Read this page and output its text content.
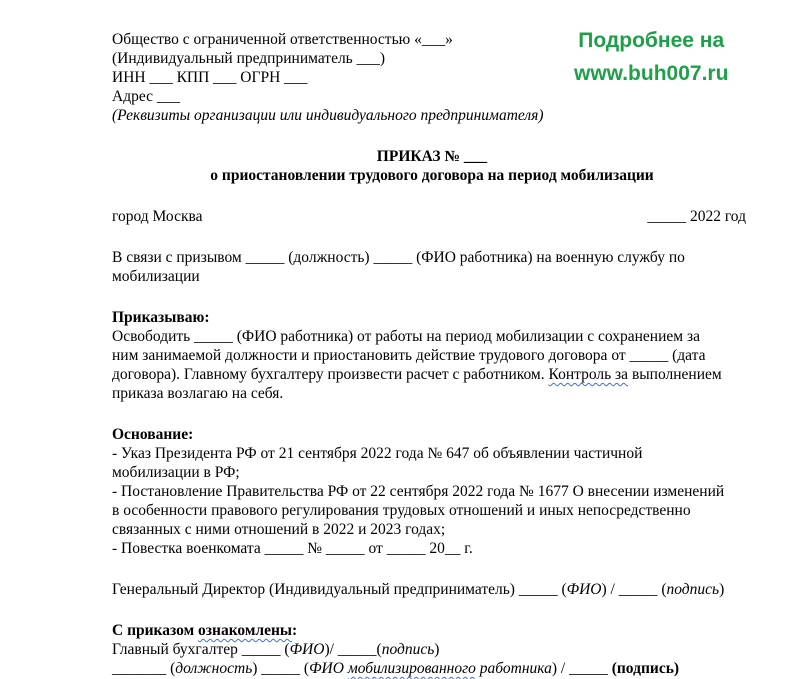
Подробнее на
www.buh007.ru
Общество с ограниченной ответственностью «___»
(Индивидуальный предприниматель ___)
ИНН ___ КПП ___ ОГРН ___
Адрес ___
(Реквизиты организации или индивидуального предпринимателя)
ПРИКАЗ № ___
о приостановлении трудового договора на период мобилизации
город Москва	_____ 2022 год
В связи с призывом _____ (должность) _____ (ФИО работника) на военную службу по
мобилизации
Приказываю:
Освободить _____ (ФИО работника) от работы на период мобилизации с сохранением за
ним занимаемой должности и приостановить действие трудового договора от _____ (дата
договора). Главному бухгалтеру произвести расчет с работником. Контроль за выполнением
приказа возлагаю на себя.
Основание:
- Указ Президента РФ от 21 сентября 2022 года № 647 об объявлении частичной
мобилизации в РФ;
- Постановление Правительства РФ от 22 сентября 2022 года № 1677 О внесении изменений
в особенности правового регулирования трудовых отношений и иных непосредственно
связанных с ними отношений в 2022 и 2023 годах;
- Повестка военкомата _____ № _____ от _____ 20__ г.
Генеральный Директор (Индивидуальный предприниматель) _____ (ФИО) / _____ (подпись)
С приказом ознакомлены:
Главный бухгалтер _____ (ФИО)/ _____(подпись)
_______ (должность) _____ (ФИО мобилизированного работника) / _____ (подпись)
